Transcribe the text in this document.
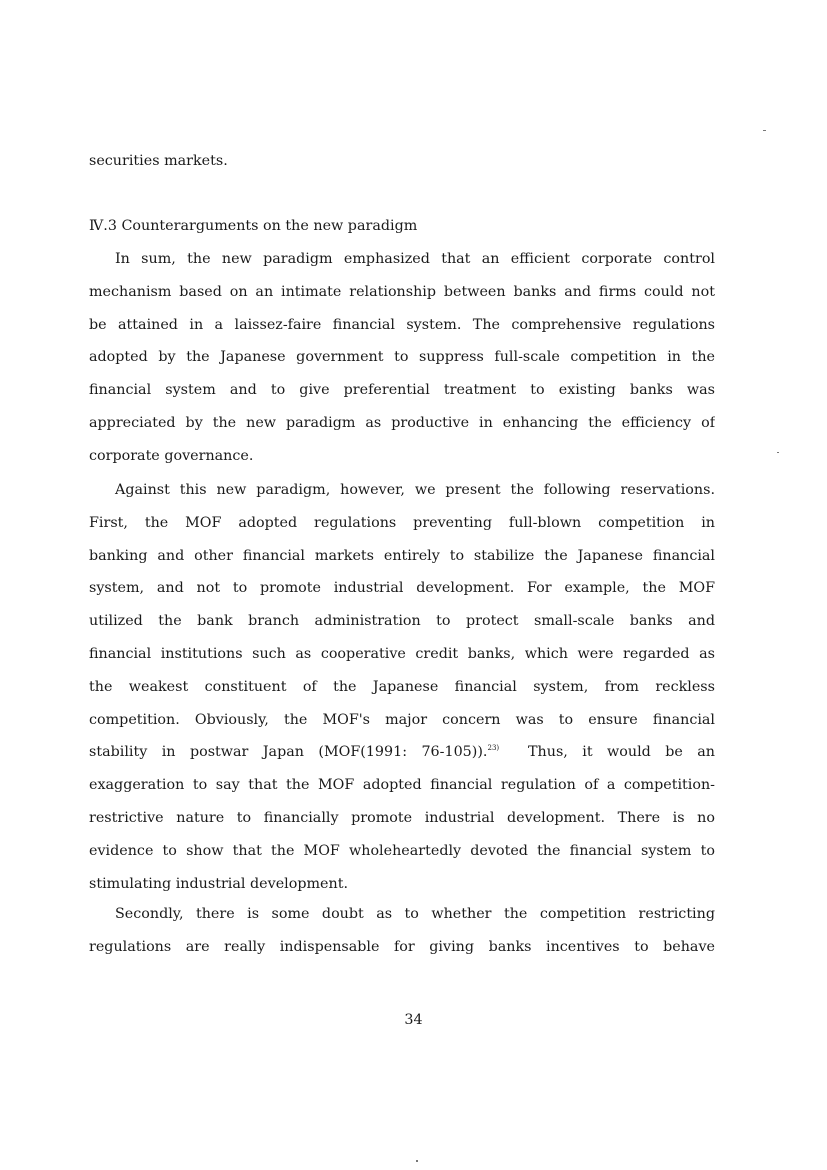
securities markets.
Ⅳ.3 Counterarguments on the new paradigm
In sum, the new paradigm emphasized that an efficient corporate control
mechanism based on an intimate relationship between banks and firms could not
be attained in a laissez-faire financial system. The comprehensive regulations
adopted by the Japanese government to suppress full-scale competition in the
financial system and to give preferential treatment to existing banks was
appreciated by the new paradigm as productive in enhancing the efficiency of
corporate governance.
Against this new paradigm, however, we present the following reservations.
First, the MOF adopted regulations preventing full-blown competition in
banking and other financial markets entirely to stabilize the Japanese financial
system, and not to promote industrial development. For example, the MOF
utilized the bank branch administration to protect small-scale banks and
financial institutions such as cooperative credit banks, which were regarded as
the weakest constituent of the Japanese financial system, from reckless
competition. Obviously, the MOF's major concern was to ensure financial
stability in postwar Japan (MOF(1991: 76-105)).$^{23)}$  Thus, it would be an
exaggeration to say that the MOF adopted financial regulation of a competition-
restrictive nature to financially promote industrial development. There is no
evidence to show that the MOF wholeheartedly devoted the financial system to
stimulating industrial development.
Secondly, there is some doubt as to whether the competition restricting
regulations are really indispensable for giving banks incentives to behave
34
